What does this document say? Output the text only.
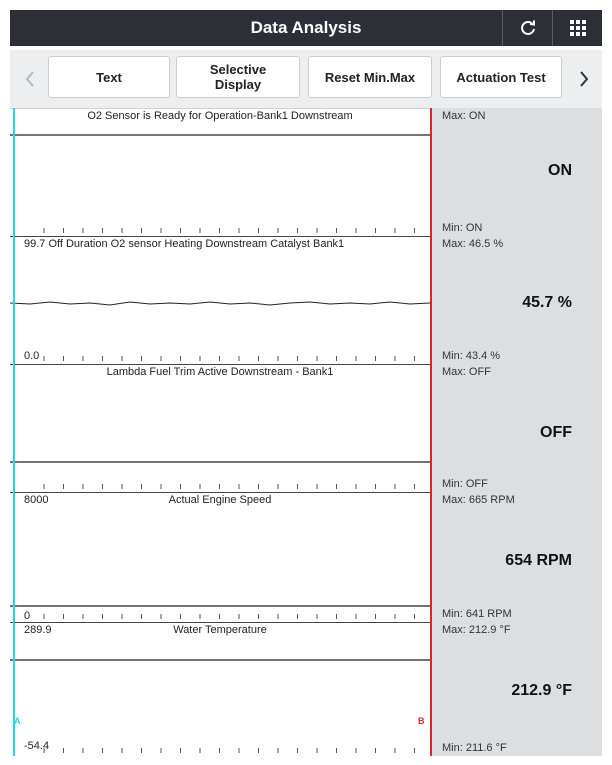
Data Analysis
Text	Selective
Display	Reset Min.Max	Actuation Test
O2 Sensor is Ready for Operation-Bank1 Downstream	Max: ON
ON
Min: ON
99.7 Off Duration O2 sensor Heating Downstream Catalyst Bank1
0.0
Max: 46.5 %
45.7 %
Min: 43.4 %
Lambda Fuel Trim Active Downstream - Bank1	Max: OFF
OFF
Min: OFF
Actual Engine Speed
8000
0
Max: 665 RPM
654 RPM
Min: 641 RPM
Water Temperature
289.9
-54.4
Max: 212.9 °F
212.9 °F
Min: 211.6 °F
A	B
